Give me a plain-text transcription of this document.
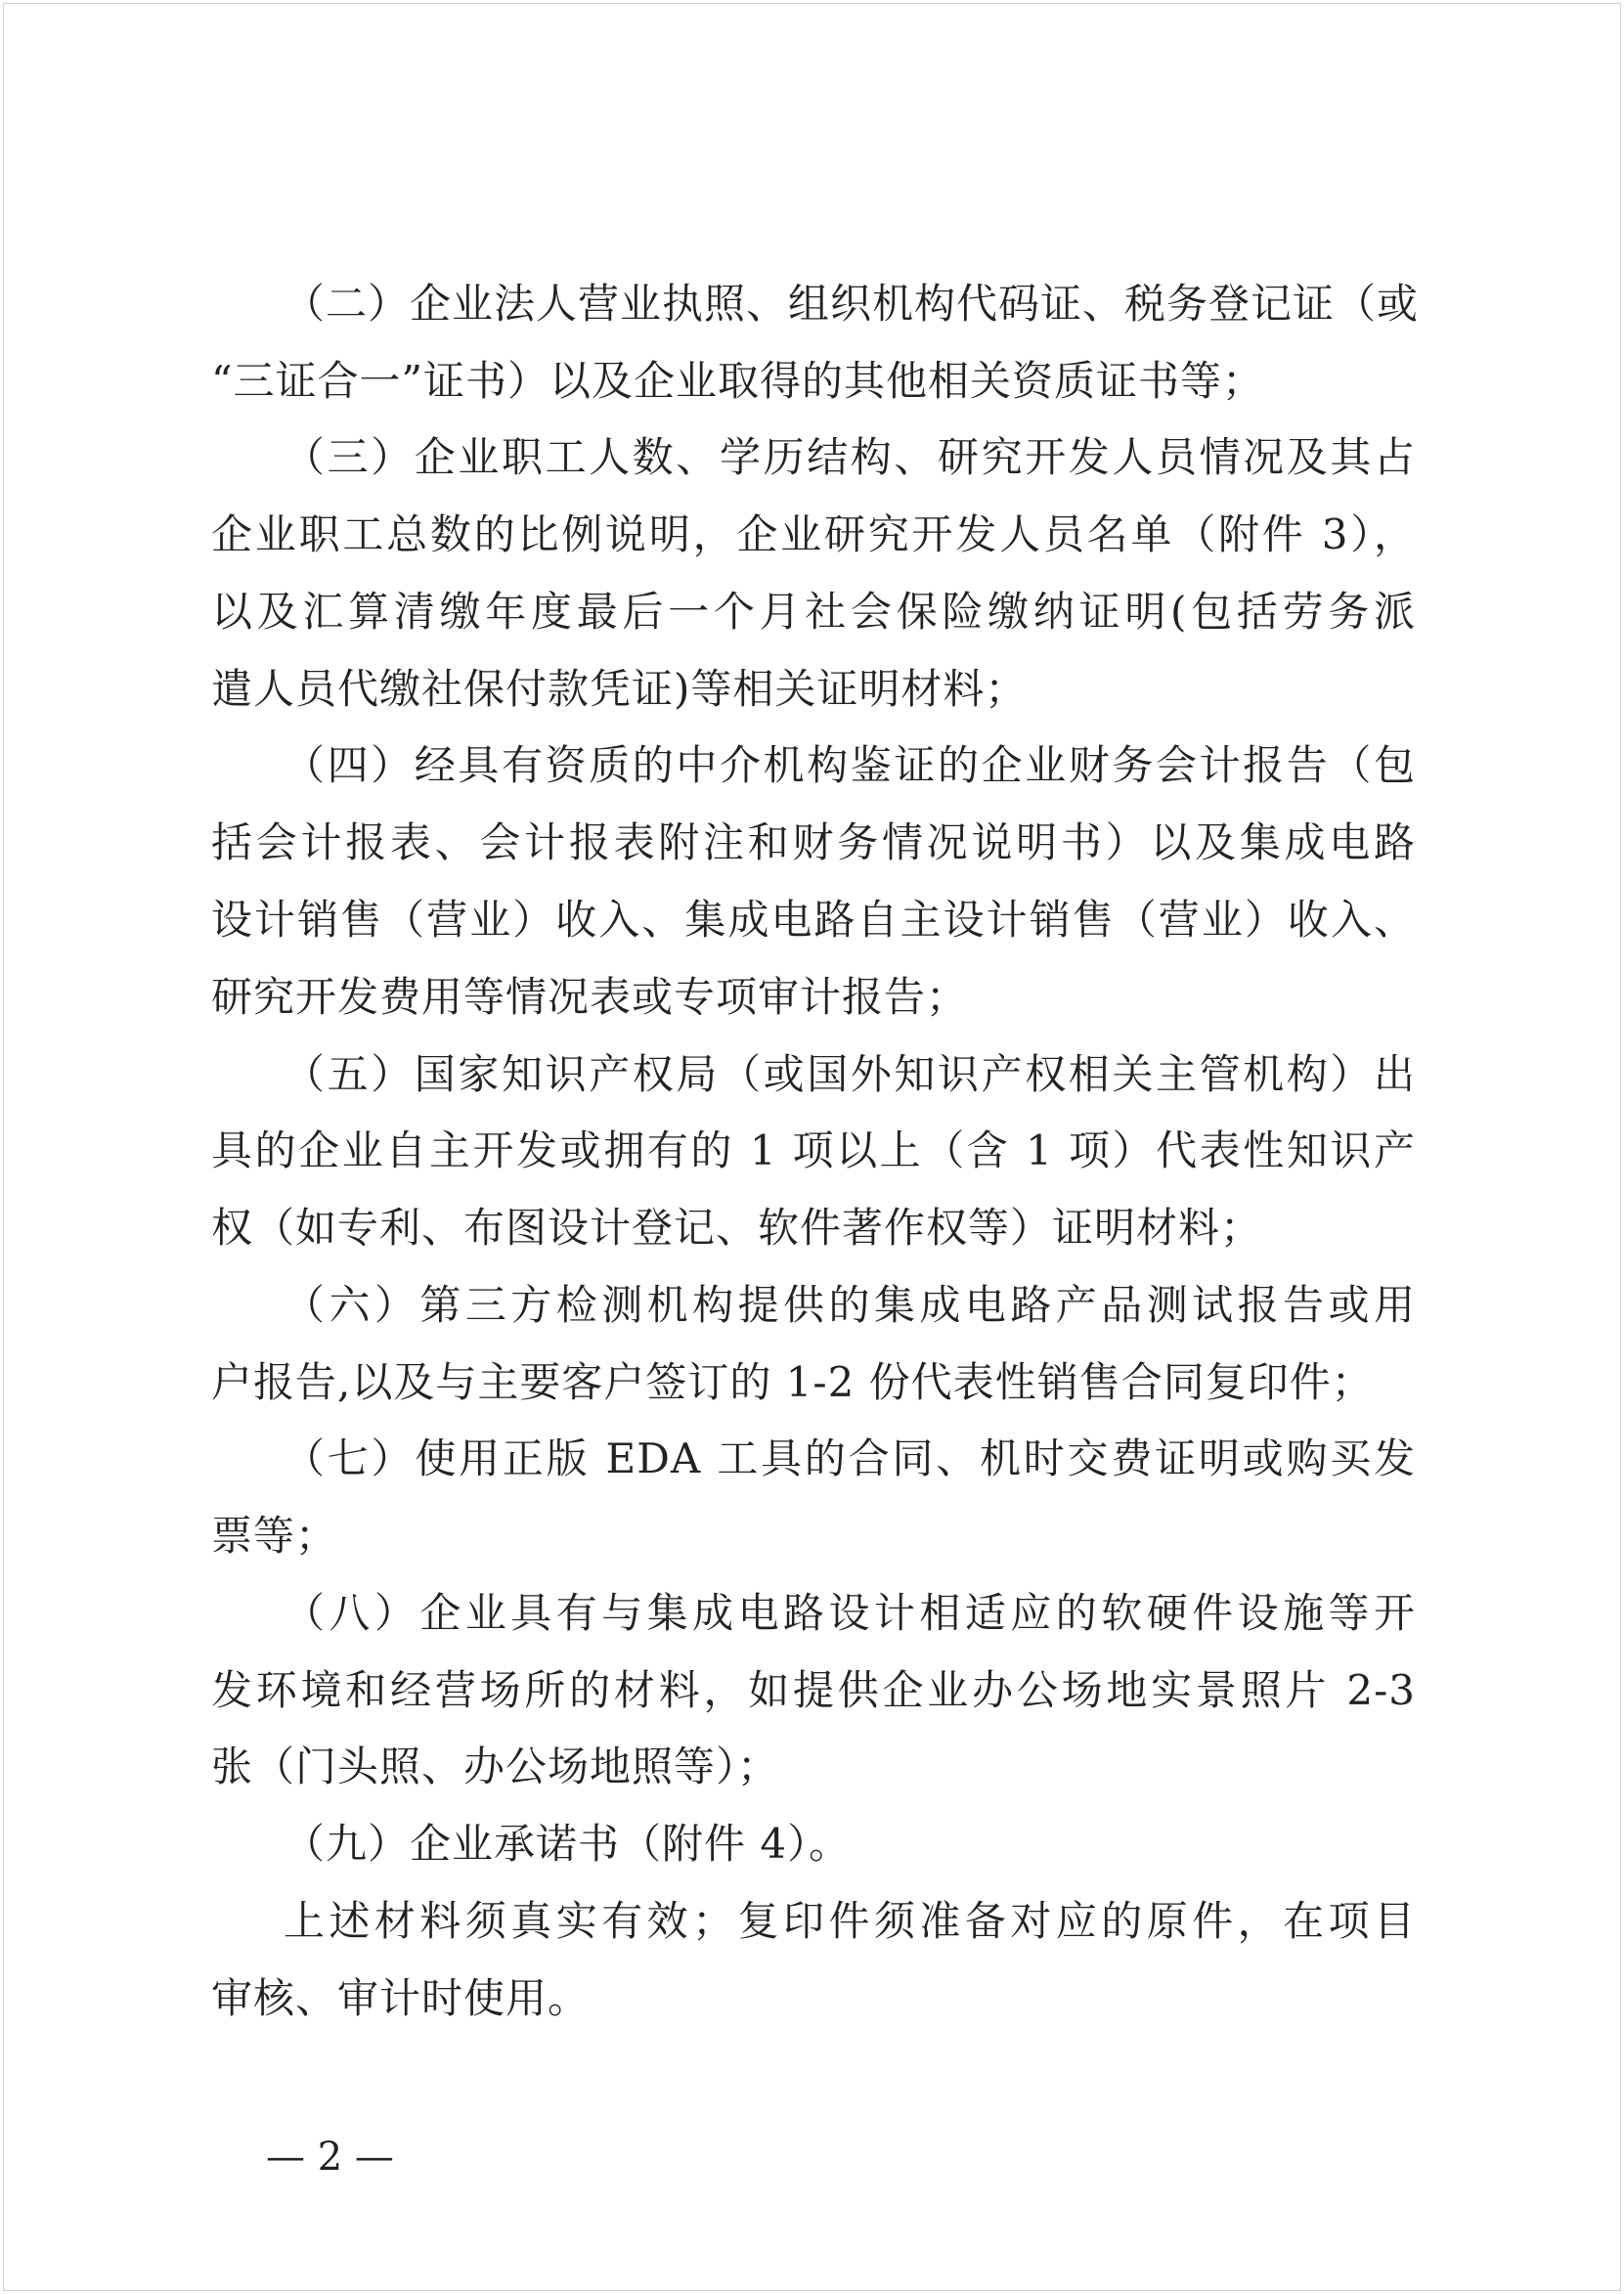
（二）企业法人营业执照、组织机构代码证、税务登记证（或
“三证合一”证书）以及企业取得的其他相关资质证书等；
（三）企业职工人数、学历结构、研究开发人员情况及其占
企业职工总数的比例说明，企业研究开发人员名单（附件 3），
以及汇算清缴年度最后一个月社会保险缴纳证明(包括劳务派
遣人员代缴社保付款凭证)等相关证明材料；
（四）经具有资质的中介机构鉴证的企业财务会计报告（包
括会计报表、会计报表附注和财务情况说明书）以及集成电路
设计销售（营业）收入、集成电路自主设计销售（营业）收入、
研究开发费用等情况表或专项审计报告；
（五）国家知识产权局（或国外知识产权相关主管机构）出
具的企业自主开发或拥有的 1 项以上（含 1 项）代表性知识产
权（如专利、布图设计登记、软件著作权等）证明材料；
（六）第三方检测机构提供的集成电路产品测试报告或用
户报告,以及与主要客户签订的 1-2 份代表性销售合同复印件；
（七）使用正版 EDA 工具的合同、机时交费证明或购买发
票等；
（八）企业具有与集成电路设计相适应的软硬件设施等开
发环境和经营场所的材料，如提供企业办公场地实景照片 2-3
张（门头照、办公场地照等）；
（九）企业承诺书（附件 4）。
上述材料须真实有效；复印件须准备对应的原件，在项目
审核、审计时使用。
— 2 —
